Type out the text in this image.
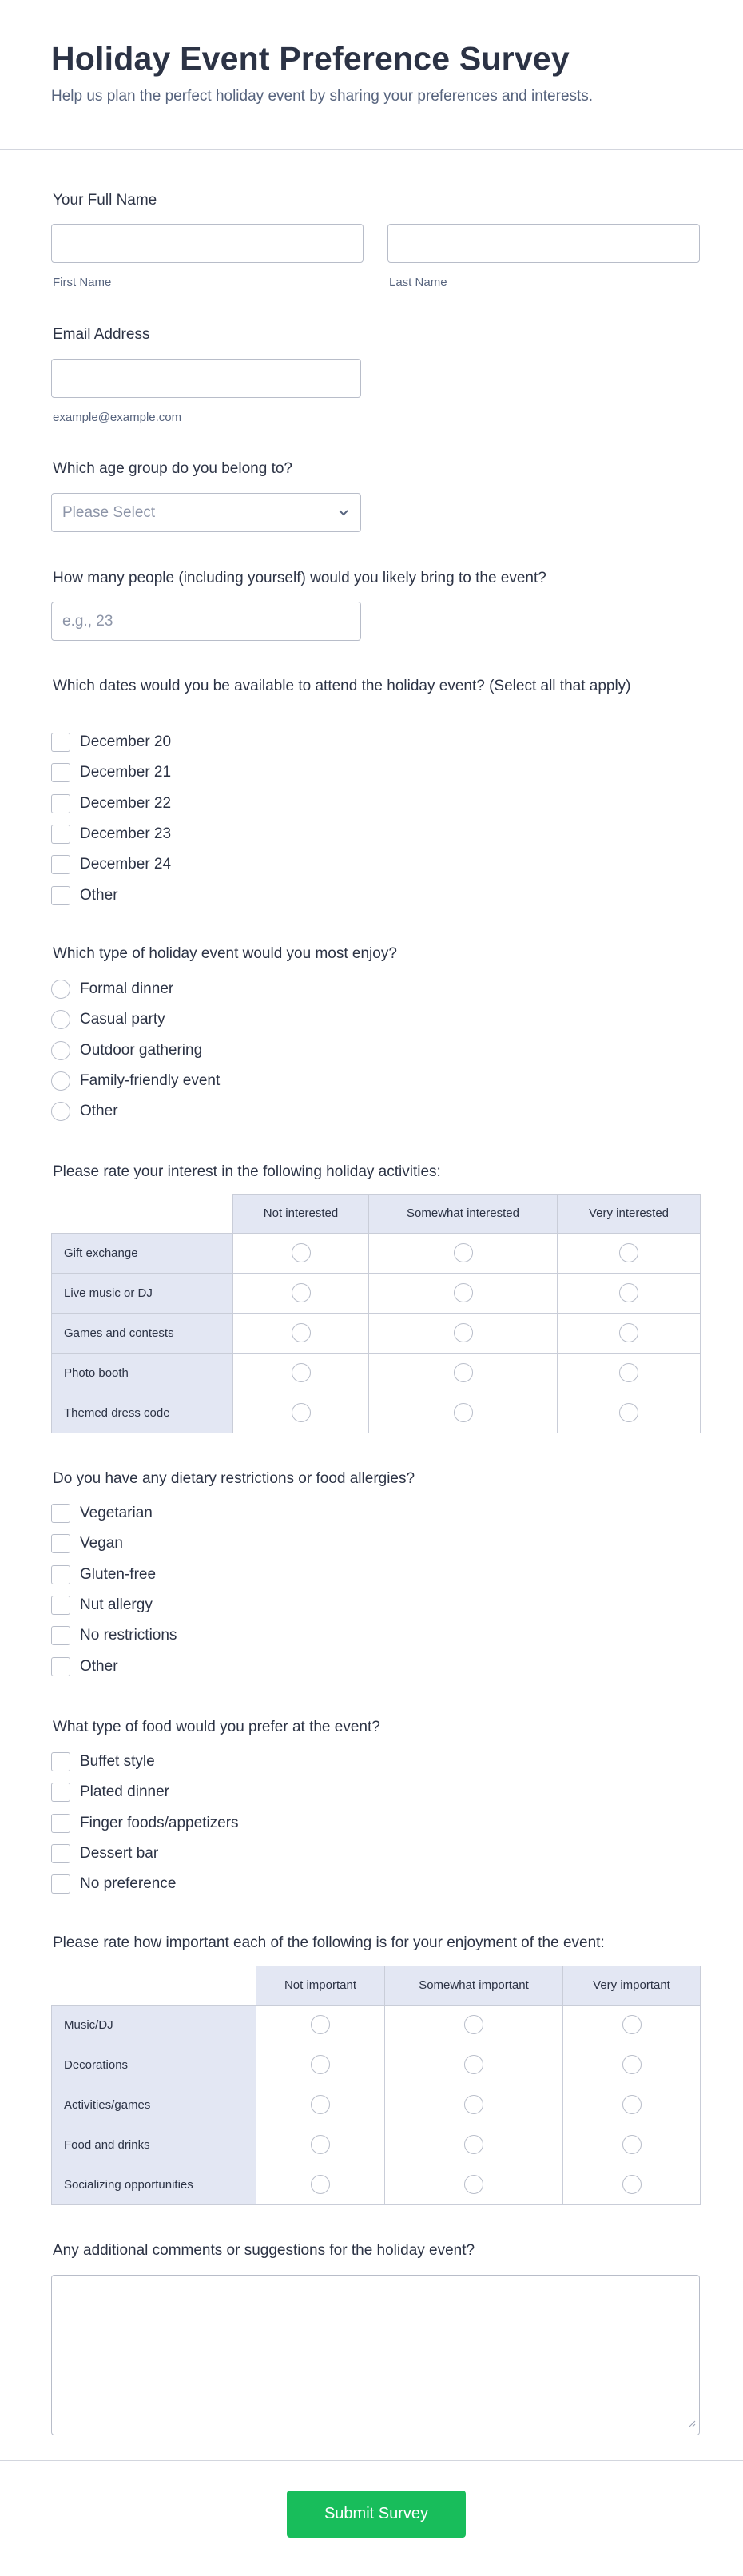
Holiday Event Preference Survey

Help us plan the perfect holiday event by sharing your preferences and interests.

Your Full Name
First Name	Last Name
Email Address
example@example.com
Which age group do you belong to?
Please Select
How many people (including yourself) would you likely bring to the event?
e.g., 23
Which dates would you be available to attend the holiday event? (Select all that apply)
December 20
December 21
December 22
December 23
December 24
Other
Which type of holiday event would you most enjoy?
Formal dinner
Casual party
Outdoor gathering
Family-friendly event
Other
Please rate your interest in the following holiday activities:
	Not interested	Somewhat interested	Very interested
Gift exchange			
Live music or DJ			
Games and contests			
Photo booth			
Themed dress code			
Do you have any dietary restrictions or food allergies?
Vegetarian
Vegan
Gluten-free
Nut allergy
No restrictions
Other
What type of food would you prefer at the event?
Buffet style
Plated dinner
Finger foods/appetizers
Dessert bar
No preference
Please rate how important each of the following is for your enjoyment of the event:
	Not important	Somewhat important	Very important
Music/DJ			
Decorations			
Activities/games			
Food and drinks			
Socializing opportunities			
Any additional comments or suggestions for the holiday event?
Submit Survey
